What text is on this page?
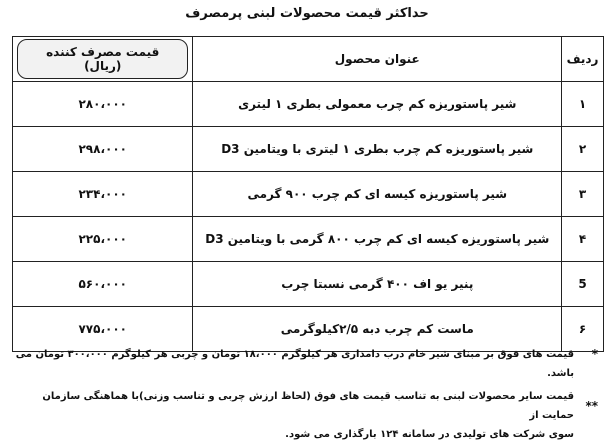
حداکثر قیمت محصولات لبنی پرمصرف
ردیف	عنوان محصول	قیمت مصرف کننده (ریال)
۱	شیر پاستوریزه کم چرب معمولی بطری ۱ لیتری	۲۸۰،۰۰۰
۲	شیر پاستوریزه کم چرب بطری ۱ لیتری با ویتامین D3	۲۹۸،۰۰۰
۳	شیر پاستوریزه کیسه ای کم چرب ۹۰۰ گرمی	۲۳۴،۰۰۰
۴	شیر پاستوریزه کیسه ای کم چرب ۸۰۰ گرمی با ویتامین D3	۲۲۵،۰۰۰
5	پنیر یو اف ۴۰۰ گرمی نسبتا چرب	۵۶۰،۰۰۰
۶	ماست کم چرب دبه ۲/۵کیلوگرمی	۷۷۵،۰۰۰
*
قیمت های فوق بر مبنای شیر خام درب دامداری هر کیلوگرم ۱۸،۰۰۰ تومان و چربی هر کیلوگرم ۳۰۰،۰۰۰ تومان می باشد.
**
قیمت سایر محصولات لبنی به تناسب قیمت های فوق (لحاظ ارزش چربی و تناسب وزنی)با هماهنگی سازمان حمایت از
سوی شرکت های تولیدی در سامانه ۱۲۴ بارگذاری می شود.
